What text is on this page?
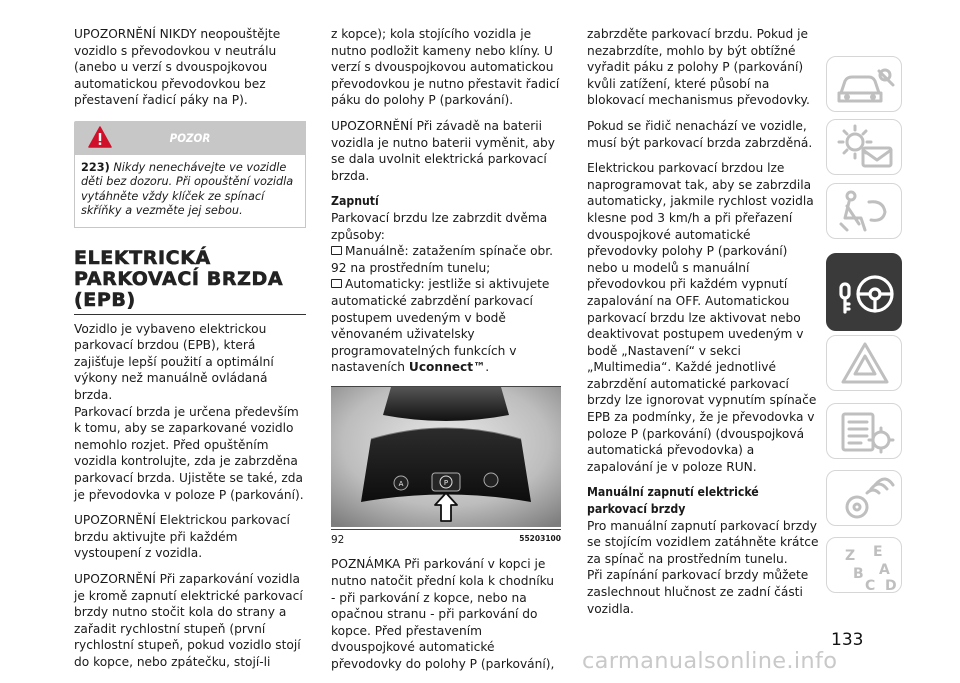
UPOZORNĚNÍ NIKDY neopouštějte vozidlo s převodovkou v neutrálu (anebo u verzí s dvouspojkovou automatickou převodovkou bez přestavení řadicí páky na P).

POZOR
223) Nikdy nenechávejte ve vozidle děti bez dozoru. Při opouštění vozidla vytáhněte vždy klíček ze spínací skříňky a vezměte jej sebou.
ELEKTRICKÁ PARKOVACÍ BRZDA (EPB)

Vozidlo je vybaveno elektrickou parkovací brzdou (EPB), která zajišťuje lepší použití a optimální výkony než manuálně ovládaná brzda.

Parkovací brzda je určena především k tomu, aby se zaparkované vozidlo nemohlo rozjet. Před opuštěním vozidla kontrolujte, zda je zabrzděna parkovací brzda. Ujistěte se také, zda je převodovka v poloze P (parkování).

UPOZORNĚNÍ Elektrickou parkovací brzdu aktivujte při každém vystoupení z vozidla.

UPOZORNĚNÍ Při zaparkování vozidla je kromě zapnutí elektrické parkovací brzdy nutno stočit kola do strany a zařadit rychlostní stupeň (první rychlostní stupeň, pokud vozidlo stojí do kopce, nebo zpátečku, stojí-li

z kopce); kola stojícího vozidla je nutno podložit kameny nebo klíny. U verzí s dvouspojkovou automatickou převodovkou je nutno přestavit řadicí páku do polohy P (parkování).

UPOZORNĚNÍ Při závadě na baterii vozidla je nutno baterii vyměnit, aby se dala uvolnit elektrická parkovací brzda.

Zapnutí
Parkovací brzdu lze zabrzdit dvěma způsoby:
Manuálně: zatažením spínače obr. 92 na prostředním tunelu;
Automaticky: jestliže si aktivujete automatické zabrzdění parkovací postupem uvedeným v bodě věnovaném uživatelsky programovatelných funkcích v nastaveních Uconnect™.
A	P
92	55203100

POZNÁMKA Při parkování v kopci je nutno natočit přední kola k chodníku - při parkování z kopce, nebo na opačnou stranu - při parkování do kopce. Před přestavením dvouspojkové automatické převodovky do polohy P (parkování),

zabrzděte parkovací brzdu. Pokud je nezabrzdíte, mohlo by být obtížné vyřadit páku z polohy P (parkování) kvůli zatížení, které působí na blokovací mechanismus převodovky.

Pokud se řidič nenachází ve vozidle, musí být parkovací brzda zabrzděná.

Elektrickou parkovací brzdou lze naprogramovat tak, aby se zabrzdila automaticky, jakmile rychlost vozidla klesne pod 3 km/h a při přeřazení dvouspojkové automatické převodovky polohy P (parkování) nebo u modelů s manuální převodovkou při každém vypnutí zapalování na OFF. Automatickou parkovací brzdu lze aktivovat nebo deaktivovat postupem uvedeným v bodě „Nastavení“ v sekci „Multimedia“. Každé jednotlivé zabrzdění automatické parkovací brzdy lze ignorovat vypnutím spínače EPB za podmínky, že je převodovka v poloze P (parkování) (dvouspojková automatická převodovka) a zapalování je v poloze RUN.

Manuální zapnutí elektrické parkovací brzdy
Pro manuální zapnutí parkovací brzdy se stojícím vozidlem zatáhněte krátce za spínač na prostředním tunelu.
Při zapínání parkovací brzdy můžete zaslechnout hlučnost ze zadní části vozidla.
Z E
B A
C D
133
carmanualsonline.info
